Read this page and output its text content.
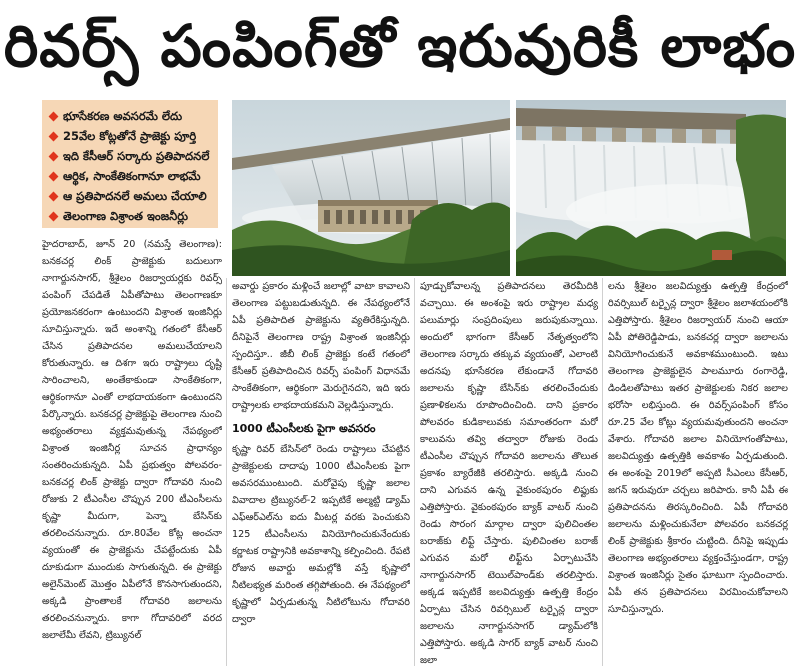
రివర్స్ పంపింగ్‌తో ఇరువురికీ లాభం
భూసేకరణ అవసరమే లేదు
25వేల కోట్లతోనే ప్రాజెక్టు పూర్తి
ఇది కేసీఆర్ సర్కారు ప్రతిపాదనలే
ఆర్థిక, సాంకేతికంగానూ లాభమే
ఆ ప్రతిపాదనలే అమలు చేయాలి
తెలంగాణ విశ్రాంత ఇంజనీర్లు

హైదరాబాద్, జూన్ 20 (నమస్తే తెలంగాణ): బనకచర్ల లింక్ ప్రాజెక్టుకు బదులుగా నాగార్జునసాగర్, శ్రీశైలం రిజర్వాయర్లకు రివర్స్ పంపింగ్ చేపడితే ఏపీతోపాటు తెలంగాణకూ ప్రయోజనకరంగా ఉంటుందని విశ్రాంత ఇంజినీర్లు సూచిస్తున్నారు. ఇదే అంశాన్ని గతంలో కేసీఆర్ చేసిన ప్రతిపాదనల అమలుచేయాలని కోరుతున్నారు. ఆ దిశగా ఇరు రాష్ట్రాలు దృష్టి సారించాలని, అంతేకాకుండా సాంకేతికంగా, ఆర్థికంగానూ ఎంతో లాభదాయకంగా ఉంటుందని పేర్కొన్నారు. బనకచర్ల ప్రాజెక్టుపై తెలంగాణ నుంచి అభ్యంతరాలు వ్యక్తమవుతున్న నేపథ్యంలో విశ్రాంత ఇంజినీర్ల సూచన ప్రాధాన్యం సంతరించుకున్నది. ఏపీ ప్రభుత్వం పోలవరం-బనకచర్ల లింక్ ప్రాజెక్టు ద్వారా గోదావరి నుంచి రోజుకు 2 టీఎంసీల చొప్పున 200 టీఎంసీలను కృష్ణా మీదుగా, పెన్నా బేసిన్‌కు తరలించనున్నారు. రూ.80వేల కోట్ల అంచనా వ్యయంతో ఈ ప్రాజెక్టును చేపట్టేందుకు ఏపీ దూకుడుగా ముందుకు సాగుతున్నది. ఈ ప్రాజెక్టు అలైన్‌మెంట్ మొత్తం ఏపీలోనే కొనసాగుతుందని, అక్కడి ప్రాంతాలకే గోదావరి జలాలను తరలించనున్నారు. కాగా గోదావరిలో వరద జలాలేమీ లేవని, ట్రిబ్యునల్

అవార్డు ప్రకారం మళ్లించే జలాల్లో వాటా కావాలని తెలంగాణ పట్టుబడుతున్నది. ఈ నేపథ్యంలోనే ఏపీ ప్రతిపాదిత ప్రాజెక్టును వ్యతిరేకిస్తున్నది. దీనిపైనే తెలంగాణ రాష్ట్ర విశ్రాంత ఇంజినీర్లు స్పందిస్తూ.. జీబీ లింక్ ప్రాజెక్టు కంటే గతంలో కేసీఆర్ ప్రతిపాదించిన రివర్స్ పంపింగ్ విధానమే సాంకేతికంగా, ఆర్థికంగా మెరుగైనదని, ఇది ఇరు రాష్ట్రాలకు లాభదాయకమని వెల్లడిస్తున్నారు.

1000 టీఎంసీలకు పైగా అవసరం

కృష్ణా రివర్ బేసిన్‌లో రెండు రాష్ట్రాలు చేపట్టిన ప్రాజెక్టులకు దాదాపు 1000 టీఎంసీలకు పైగా అవసరముంటుంది. మరోవైపు కృష్ణా జలాల వివాదాల ట్రిబ్యునల్-2 ఇప్పటికే అల్మట్టి డ్యామ్ ఎఫ్‌ఆర్‌ఎల్‌ను ఐదు మీటర్ల వరకు పెంచుకుని 125 టీఎంసీలను వినియోగించుకునేందుకు కర్ణాటక రాష్ట్రానికి అవకాశాన్ని కల్పించింది. రేపటి రోజున అవార్డు అమల్లోకి వస్తే కృష్ణాలో నీటిలభ్యత మరింత తగ్గిపోతుంది. ఈ నేపథ్యంలో కృష్ణాలో ఏర్పడుతున్న నీటిలోటును గోదావరి ద్వారా

పూడ్చుకోవాలన్న ప్రతిపాదనలు తెరమీదికి వచ్చాయి. ఈ అంశంపై ఇరు రాష్ట్రాల మధ్య పలుమార్లు సంప్రదింపులు జరుపుకున్నాయి. అందులో భాగంగా కేసీఆర్ నేతృత్వంలోని తెలంగాణ సర్కారు తక్కువ వ్యయంతో, ఎలాంటి అదనపు భూసేకరణ లేకుండానే గోదావరి జలాలను కృష్ణా బేసిన్‌కు తరలించేందుకు ప్రణాళికలను రూపొందించింది. దాని ప్రకారం పోలవరం కుడికాలువకు సమాంతరంగా మరో కాలువను తవ్వి తద్వారా రోజుకు రెండు టీఎంసీల చొప్పున గోదావరి జలాలను తొలుత ప్రకాశం బ్యారేజీకి తరలిస్తారు. అక్కడి నుంచి దాని ఎగువన ఉన్న వైకుంఠపురం లిఫ్టుకు ఎత్తిపోస్తారు. వైకుంఠపురం బ్యాక్ వాటర్ నుంచి రెండు సొరంగ మార్గాల ద్వారా పులిచింతల బరాజ్‌కు లిఫ్ట్ చేస్తారు. పులిచింతల బరాజ్ ఎగువన మరో లిఫ్ట్‌ను ఏర్పాటుచేసి నాగార్జునసాగర్ టెయిల్‌పాండ్‌కు తరలిస్తారు. అక్కడ ఇప్పటికే జలవిద్యుత్తు ఉత్పత్తి కేంద్రం ఏర్పాటు చేసిన రివర్సిబుల్ టర్బైన్ల ద్వారా జలాలను నాగార్జునసాగర్ డ్యామ్‌లోకి ఎత్తిపోస్తారు. అక్కడి సాగర్ బ్యాక్ వాటర్ నుంచి జలా

లను శ్రీశైలం జలవిద్యుత్తు ఉత్పత్తి కేంద్రంలో రివర్సిబుల్ టర్బైన్ల ద్వారా శ్రీశైలం జలాశయంలోకి ఎత్తిపోస్తారు. శ్రీశైలం రిజర్వాయర్ నుంచి ఆయా ఏపీ పోతిరెడ్డిపాడు, బనకచర్ల ద్వారా జలాలను వినియోగించుకునే అవకాశముంటుంది. ఇటు తెలంగాణ ప్రాజెక్టులైన పాలమూరు రంగారెడ్డి, డిండిలతోపాటు ఇతర ప్రాజెక్టులకు నికర జలాల భరోసా లభిస్తుంది. ఈ రివర్స్‌పంపింగ్ కోసం రూ.25 వేల కోట్లు వ్యయమవుతుందని అంచనా వేశారు. గోదావరి జలాల వినియోగంతోపాటు, జలవిద్యుత్తు ఉత్పత్తికి అవకాశం ఏర్పడుతుంది. ఈ అంశంపై 2019లో అప్పటి సీఎంలు కేసీఆర్, జగన్ ఇరువురూ చర్చలు జరిపారు. కానీ ఏపీ ఈ ప్రతిపాదనను తిరస్కరించింది. ఏపీ గోదావరి జలాలను మళ్లించుకునేలా పోలవరం బనకచర్ల లింక్ ప్రాజెక్టుకు శ్రీకారం చుట్టింది. దీనిపై ఇప్పుడు తెలంగాణ అభ్యంతరాలు వ్యక్తంచేస్తుండగా, రాష్ట్ర విశ్రాంత ఇంజినీర్లు సైతం ఘాటుగా స్పందించారు. ఏపీ తన ప్రతిపాదనలు విరమించుకోవాలని సూచిస్తున్నారు.
